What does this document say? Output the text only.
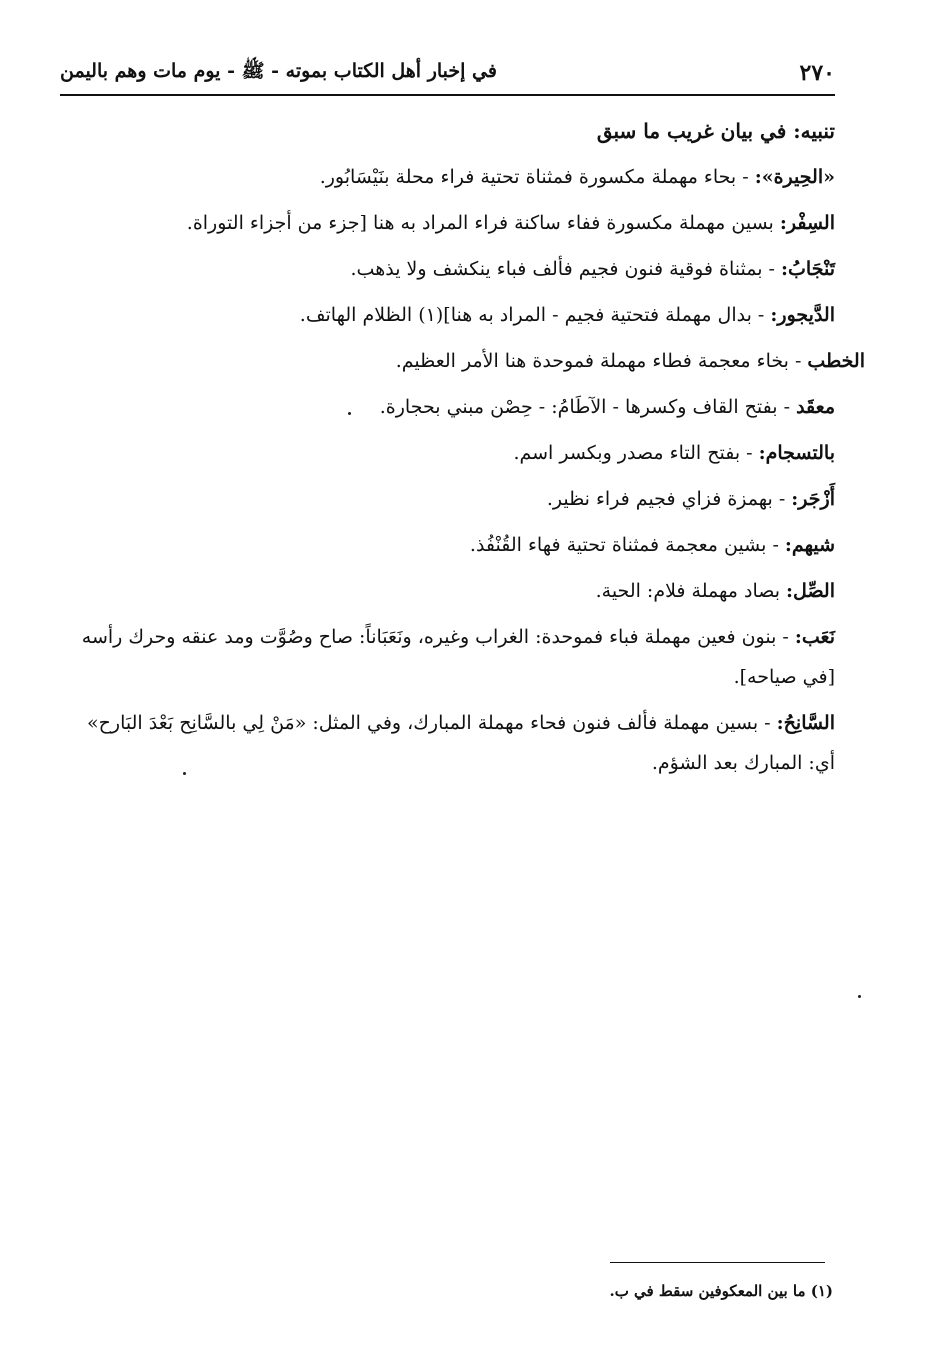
٢٧٠
في إخبار أهل الكتاب بموته - ﷺ - يوم مات وهم باليمن

تنبيه: في بيان غريب ما سبق

«الحِيرة»: - بحاء مهملة مكسورة فمثناة تحتية فراء محلة بنَيْسَابُور.

السِفْر: بسين مهملة مكسورة ففاء ساكنة فراء المراد به هنا [جزء من أجزاء التوراة.

تَنْجَابُ: - بمثناة فوقية فنون فجيم فألف فباء ينكشف ولا يذهب.

الدَّيجور: - بدال مهملة فتحتية فجيم - المراد به هنا](١) الظلام الهاتف.

الخطب - بخاء معجمة فطاء مهملة فموحدة هنا الأمر العظيم.

معقَد - بفتح القاف وكسرها - الآطَامُ: - حِصْن مبني بحجارة.

بالتسجام: - بفتح التاء مصدر وبكسر اسم.

أَزْجَر: - بهمزة فزاي فجيم فراء نظير.

شيهم: - بشين معجمة فمثناة تحتية فهاء القُنْفُذ.

الصِّل: بصاد مهملة فلام: الحية.

نَعَب: - بنون فعين مهملة فباء فموحدة: الغراب وغيره، ونَعَبَاناً: صاح وصُوَّت ومد عنقه وحرك رأسه [في صياحه].

السَّانِحُ: - بسين مهملة فألف فنون فحاء مهملة المبارك، وفي المثل: «مَنْ لِي بالسَّانِح بَعْدَ البَارح» أي: المبارك بعد الشؤم.

(١) ما بين المعكوفين سقط في ب.
